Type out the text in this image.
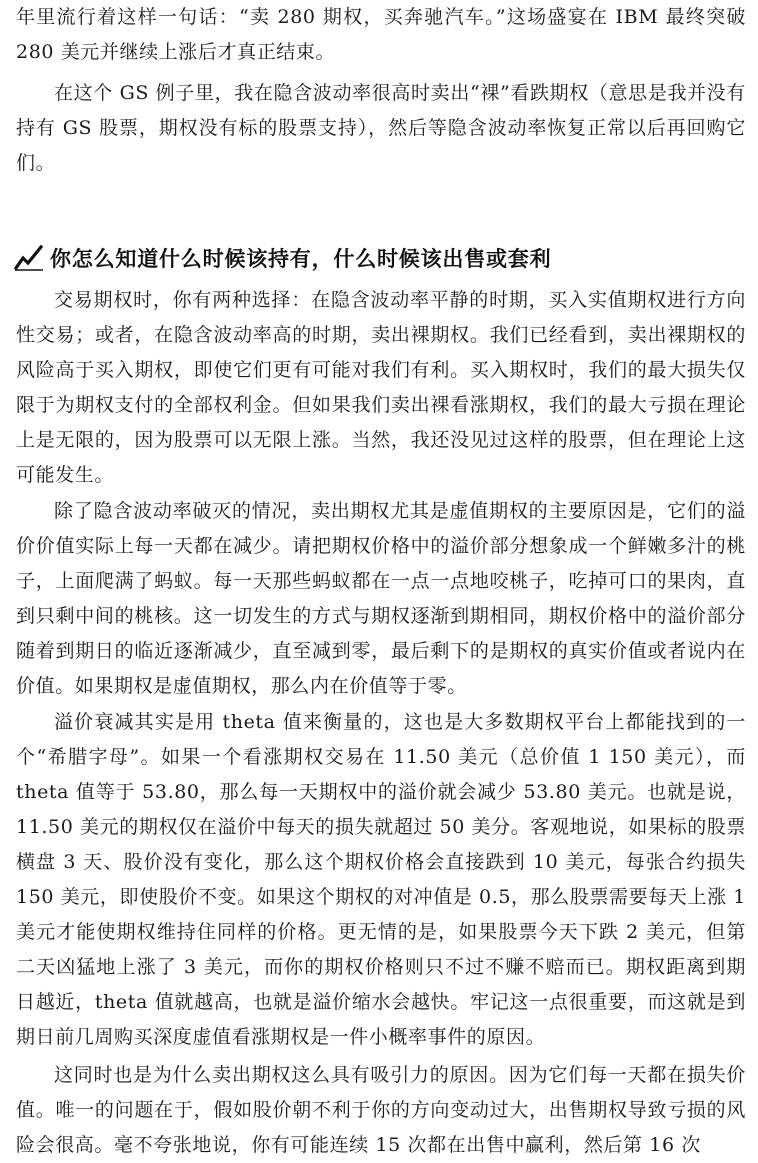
年里流行着这样一句话：“卖 280 期权，买奔驰汽车。”这场盛宴在 IBM 最终突破 280 美元并继续上涨后才真正结束。

在这个 GS 例子里，我在隐含波动率很高时卖出“裸”看跌期权（意思是我并没有持有 GS 股票，期权没有标的股票支持），然后等隐含波动率恢复正常以后再回购它们。

你怎么知道什么时候该持有，什么时候该出售或套利

交易期权时，你有两种选择：在隐含波动率平静的时期，买入实值期权进行方向性交易；或者，在隐含波动率高的时期，卖出裸期权。我们已经看到，卖出裸期权的风险高于买入期权，即使它们更有可能对我们有利。买入期权时，我们的最大损失仅限于为期权支付的全部权利金。但如果我们卖出裸看涨期权，我们的最大亏损在理论上是无限的，因为股票可以无限上涨。当然，我还没见过这样的股票，但在理论上这可能发生。

除了隐含波动率破灭的情况，卖出期权尤其是虚值期权的主要原因是，它们的溢价价值实际上每一天都在减少。请把期权价格中的溢价部分想象成一个鲜嫩多汁的桃子，上面爬满了蚂蚁。每一天那些蚂蚁都在一点一点地咬桃子，吃掉可口的果肉，直到只剩中间的桃核。这一切发生的方式与期权逐渐到期相同，期权价格中的溢价部分随着到期日的临近逐渐减少，直至减到零，最后剩下的是期权的真实价值或者说内在价值。如果期权是虚值期权，那么内在价值等于零。

溢价衰减其实是用 theta 值来衡量的，这也是大多数期权平台上都能找到的一个“希腊字母”。如果一个看涨期权交易在 11.50 美元（总价值 1 150 美元），而 theta 值等于 53.80，那么每一天期权中的溢价就会减少 53.80 美元。也就是说，11.50 美元的期权仅在溢价中每天的损失就超过 50 美分。客观地说，如果标的股票横盘 3 天、股价没有变化，那么这个期权价格会直接跌到 10 美元，每张合约损失 150 美元，即使股价不变。如果这个期权的对冲值是 0.5，那么股票需要每天上涨 1 美元才能使期权维持住同样的价格。更无情的是，如果股票今天下跌 2 美元，但第二天凶猛地上涨了 3 美元，而你的期权价格则只不过不赚不赔而已。期权距离到期日越近，theta 值就越高，也就是溢价缩水会越快。牢记这一点很重要，而这就是到期日前几周购买深度虚值看涨期权是一件小概率事件的原因。

这同时也是为什么卖出期权这么具有吸引力的原因。因为它们每一天都在损失价值。唯一的问题在于，假如股价朝不利于你的方向变动过大，出售期权导致亏损的风险会很高。毫不夸张地说，你有可能连续 15 次都在出售中赢利，然后第 16 次
